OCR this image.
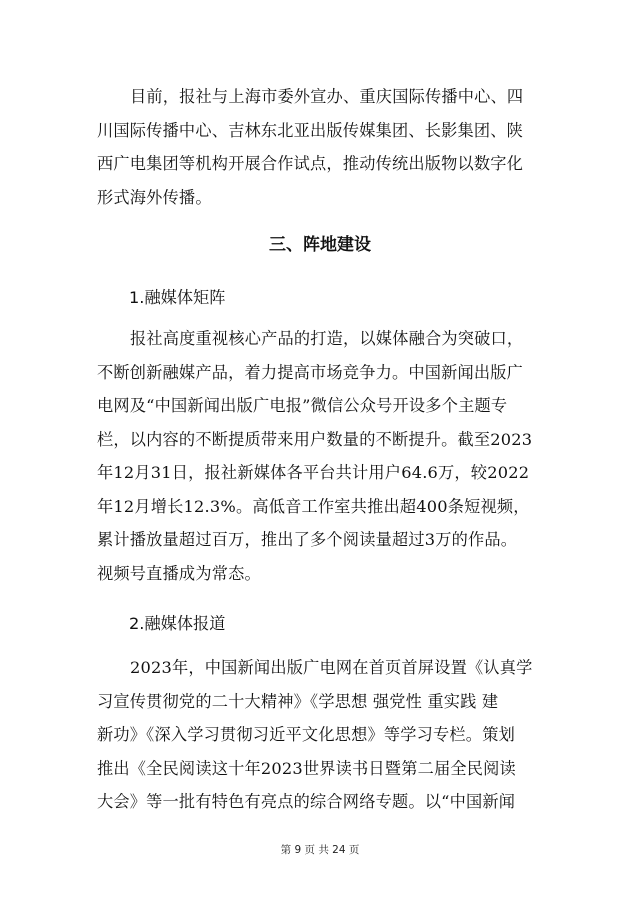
目前，报社与上海市委外宣办、重庆国际传播中心、四
川国际传播中心、吉林东北亚出版传媒集团、长影集团、陕
西广电集团等机构开展合作试点，推动传统出版物以数字化
形式海外传播。
三、阵地建设
1.融媒体矩阵
报社高度重视核心产品的打造，以媒体融合为突破口，
不断创新融媒产品，着力提高市场竞争力。中国新闻出版广
电网及“中国新闻出版广电报”微信公众号开设多个主题专
栏，以内容的不断提质带来用户数量的不断提升。截至2023
年12月31日，报社新媒体各平台共计用户64.6万，较2022
年12月增长12.3%。高低音工作室共推出超400条短视频，
累计播放量超过百万，推出了多个阅读量超过3万的作品。
视频号直播成为常态。
2.融媒体报道
2023年，中国新闻出版广电网在首页首屏设置《认真学
习宣传贯彻党的二十大精神》《学思想 强党性 重实践 建
新功》《深入学习贯彻习近平文化思想》等学习专栏。策划
推出《全民阅读这十年2023世界读书日暨第二届全民阅读
大会》等一批有特色有亮点的综合网络专题。以“中国新闻
第 9 页 共 24 页
